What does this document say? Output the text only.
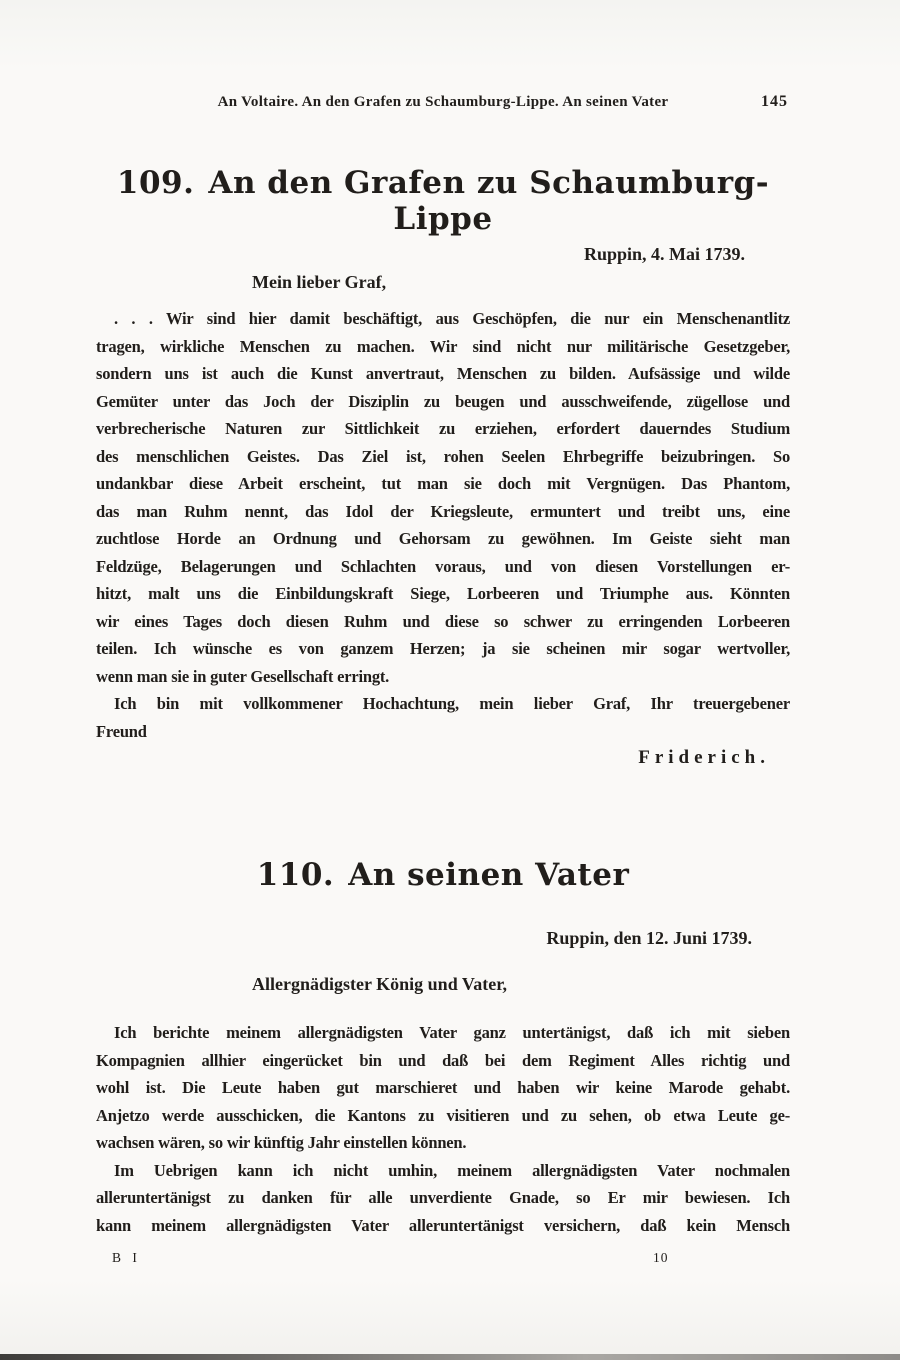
An Voltaire. An den Grafen zu Schaumburg-Lippe. An seinen Vater	145
109. An den Grafen zu Schaumburg-Lippe
Ruppin, 4. Mai 1739.
Mein lieber Graf,
. . . Wir sind hier damit beschäftigt, aus Geschöpfen, die nur ein Menschenantlitz
tragen, wirkliche Menschen zu machen. Wir sind nicht nur militärische Gesetzgeber,
sondern uns ist auch die Kunst anvertraut, Menschen zu bilden. Aufsässige und wilde
Gemüter unter das Joch der Disziplin zu beugen und ausschweifende, zügellose und
verbrecherische Naturen zur Sittlichkeit zu erziehen, erfordert dauerndes Studium
des menschlichen Geistes. Das Ziel ist, rohen Seelen Ehrbegriffe beizubringen. So
undankbar diese Arbeit erscheint, tut man sie doch mit Vergnügen. Das Phantom,
das man Ruhm nennt, das Idol der Kriegsleute, ermuntert und treibt uns, eine
zuchtlose Horde an Ordnung und Gehorsam zu gewöhnen. Im Geiste sieht man
Feldzüge, Belagerungen und Schlachten voraus, und von diesen Vorstellungen er-
hitzt, malt uns die Einbildungskraft Siege, Lorbeeren und Triumphe aus. Könnten
wir eines Tages doch diesen Ruhm und diese so schwer zu erringenden Lorbeeren
teilen. Ich wünsche es von ganzem Herzen; ja sie scheinen mir sogar wertvoller,
wenn man sie in guter Gesellschaft erringt.
Ich bin mit vollkommener Hochachtung, mein lieber Graf, Ihr treuergebener
Freund
Friderich.
110. An seinen Vater
Ruppin, den 12. Juni 1739.
Allergnädigster König und Vater,
Ich berichte meinem allergnädigsten Vater ganz untertänigst, daß ich mit sieben
Kompagnien allhier eingerücket bin und daß bei dem Regiment Alles richtig und
wohl ist. Die Leute haben gut marschieret und haben wir keine Marode gehabt.
Anjetzo werde ausschicken, die Kantons zu visitieren und zu sehen, ob etwa Leute ge-
wachsen wären, so wir künftig Jahr einstellen können.
Im Uebrigen kann ich nicht umhin, meinem allergnädigsten Vater nochmalen
alleruntertänigst zu danken für alle unverdiente Gnade, so Er mir bewiesen. Ich
kann meinem allergnädigsten Vater alleruntertänigst versichern, daß kein Mensch
B I	10
